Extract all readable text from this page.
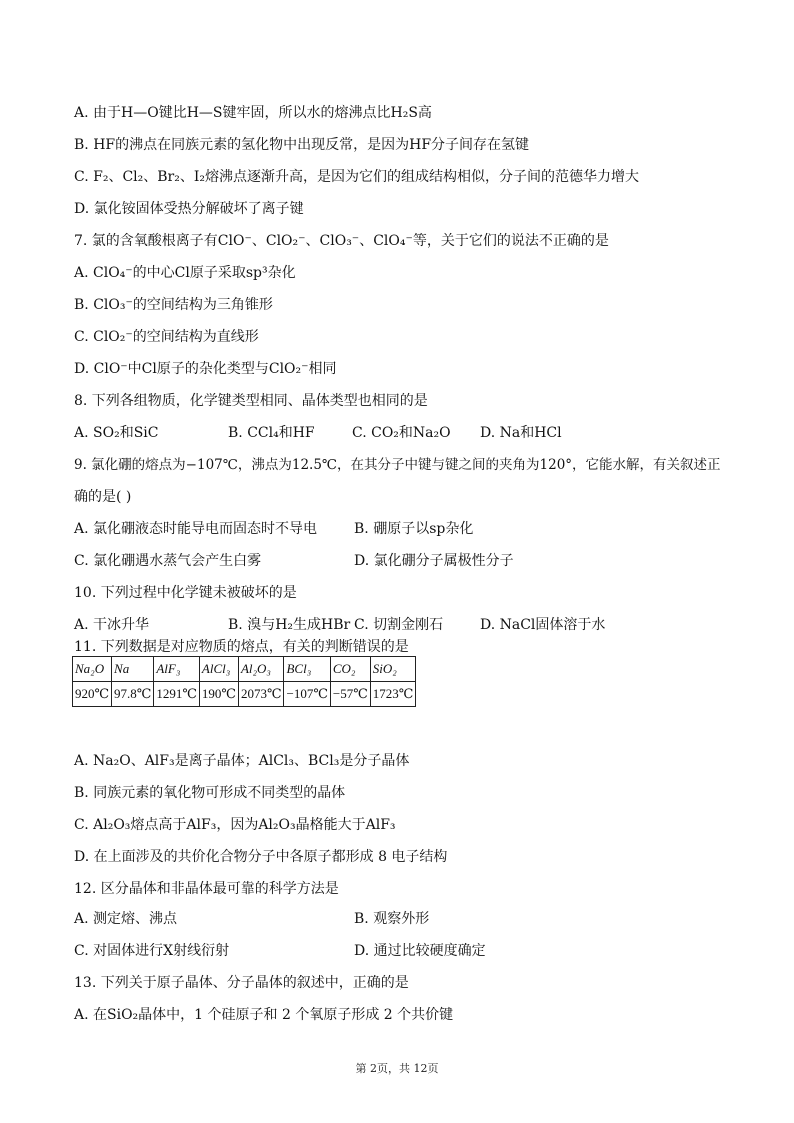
A. 由于H—O键比H—S键牢固，所以水的熔沸点比H₂S高
B. HF的沸点在同族元素的氢化物中出现反常，是因为HF分子间存在氢键
C. F₂、Cl₂、Br₂、I₂熔沸点逐渐升高，是因为它们的组成结构相似，分子间的范德华力增大
D. 氯化铵固体受热分解破坏了离子键
7. 氯的含氧酸根离子有ClO⁻、ClO₂⁻、ClO₃⁻、ClO₄⁻等，关于它们的说法不正确的是
A. ClO₄⁻的中心Cl原子采取sp³杂化
B. ClO₃⁻的空间结构为三角锥形
C. ClO₂⁻的空间结构为直线形
D. ClO⁻中Cl原子的杂化类型与ClO₂⁻相同
8. 下列各组物质，化学键类型相同、晶体类型也相同的是
A. SO₂和SiC	B. CCl₄和HF	C. CO₂和Na₂O D. Na和HCl
9. 氯化硼的熔点为−107℃，沸点为12.5℃，在其分子中键与键之间的夹角为120°，它能水解，有关叙述正
确的是( )
A. 氯化硼液态时能导电而固态时不导电	B. 硼原子以sp杂化
C. 氯化硼遇水蒸气会产生白雾	D. 氯化硼分子属极性分子
10. 下列过程中化学键未被破坏的是
A. 干冰升华	B. 溴与H₂生成HBr C. 切割金刚石	D. NaCl固体溶于水
11. 下列数据是对应物质的熔点，有关的判断错误的是
Na₂O	Na	AlF₃	AlCl₃	Al₂O₃	BCl₃	CO₂	SiO₂
920℃	97.8℃	1291℃	190℃	2073℃	−107℃	−57℃	1723℃
A. Na₂O、AlF₃是离子晶体；AlCl₃、BCl₃是分子晶体
B. 同族元素的氧化物可形成不同类型的晶体
C. Al₂O₃熔点高于AlF₃，因为Al₂O₃晶格能大于AlF₃
D. 在上面涉及的共价化合物分子中各原子都形成 8 电子结构
12. 区分晶体和非晶体最可靠的科学方法是
A. 测定熔、沸点	B. 观察外形
C. 对固体进行X射线衍射	D. 通过比较硬度确定
13. 下列关于原子晶体、分子晶体的叙述中，正确的是
A. 在SiO₂晶体中，1 个硅原子和 2 个氧原子形成 2 个共价键
第 2页，共 12页
